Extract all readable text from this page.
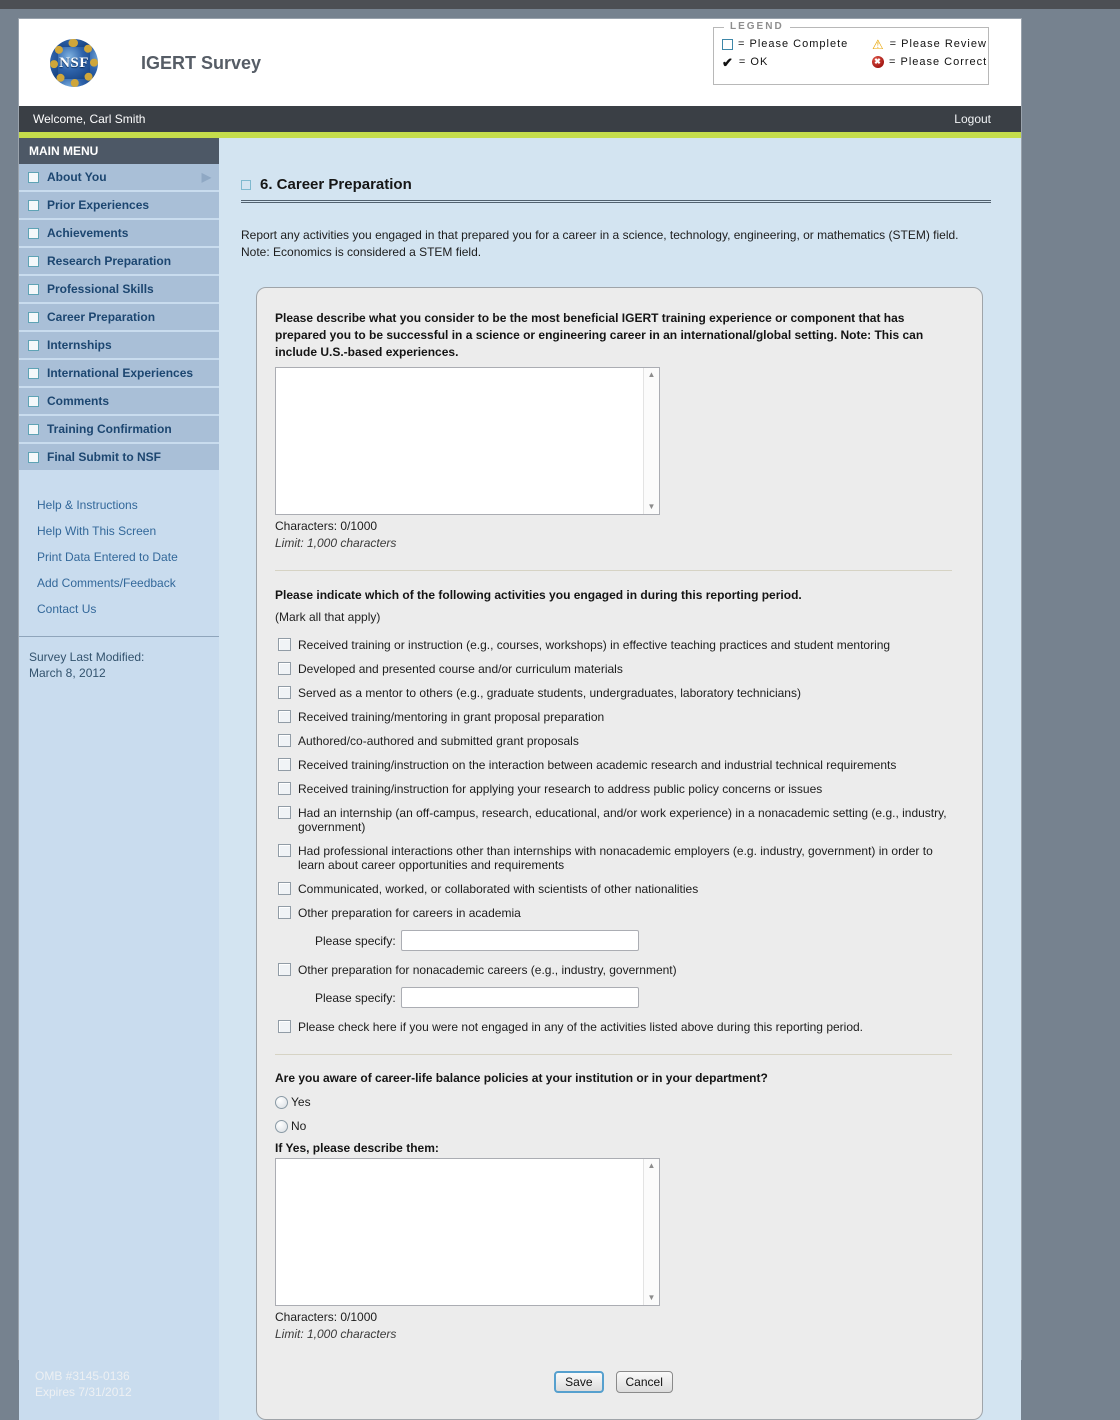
NSF	IGERT Survey
LEGEND
= Please Complete ⚠ = Please Review
✔ = OK	✖ = Please Correct
Welcome, Carl Smith	Logout
MAIN MENU
About You	▶
Prior Experiences
Achievements
Research Preparation
Professional Skills
Career Preparation
Internships
International Experiences
Comments
Training Confirmation
Final Submit to NSF
Help & Instructions
Help With This Screen
Print Data Entered to Date
Add Comments/Feedback
Contact Us
Survey Last Modified:
March 8, 2012
6. Career Preparation
Report any activities you engaged in that prepared you for a career in a science, technology, engineering, or mathematics (STEM) field.
Note: Economics is considered a STEM field.
Please describe what you consider to be the most beneficial IGERT training experience or component that has prepared you to be successful in a science or engineering career in an international/global setting. Note: This can include U.S.-based experiences.
▲
▼
Characters: 0/1000
Limit: 1,000 characters
Please indicate which of the following activities you engaged in during this reporting period.
(Mark all that apply)
Received training or instruction (e.g., courses, workshops) in effective teaching practices and student mentoring
Developed and presented course and/or curriculum materials
Served as a mentor to others (e.g., graduate students, undergraduates, laboratory technicians)
Received training/mentoring in grant proposal preparation
Authored/co-authored and submitted grant proposals
Received training/instruction on the interaction between academic research and industrial technical requirements
Received training/instruction for applying your research to address public policy concerns or issues
Had an internship (an off-campus, research, educational, and/or work experience) in a nonacademic setting (e.g., industry, government)
Had professional interactions other than internships with nonacademic employers (e.g. industry, government) in order to learn about career opportunities and requirements
Communicated, worked, or collaborated with scientists of other nationalities
Other preparation for careers in academia
Please specify:
Other preparation for nonacademic careers (e.g., industry, government)
Please specify:
Please check here if you were not engaged in any of the activities listed above during this reporting period.
Are you aware of career-life balance policies at your institution or in your department?
Yes
No
If Yes, please describe them:
▲
▼
Characters: 0/1000
Limit: 1,000 characters
Save	Cancel
OMB #3145-0136
Expires 7/31/2012
